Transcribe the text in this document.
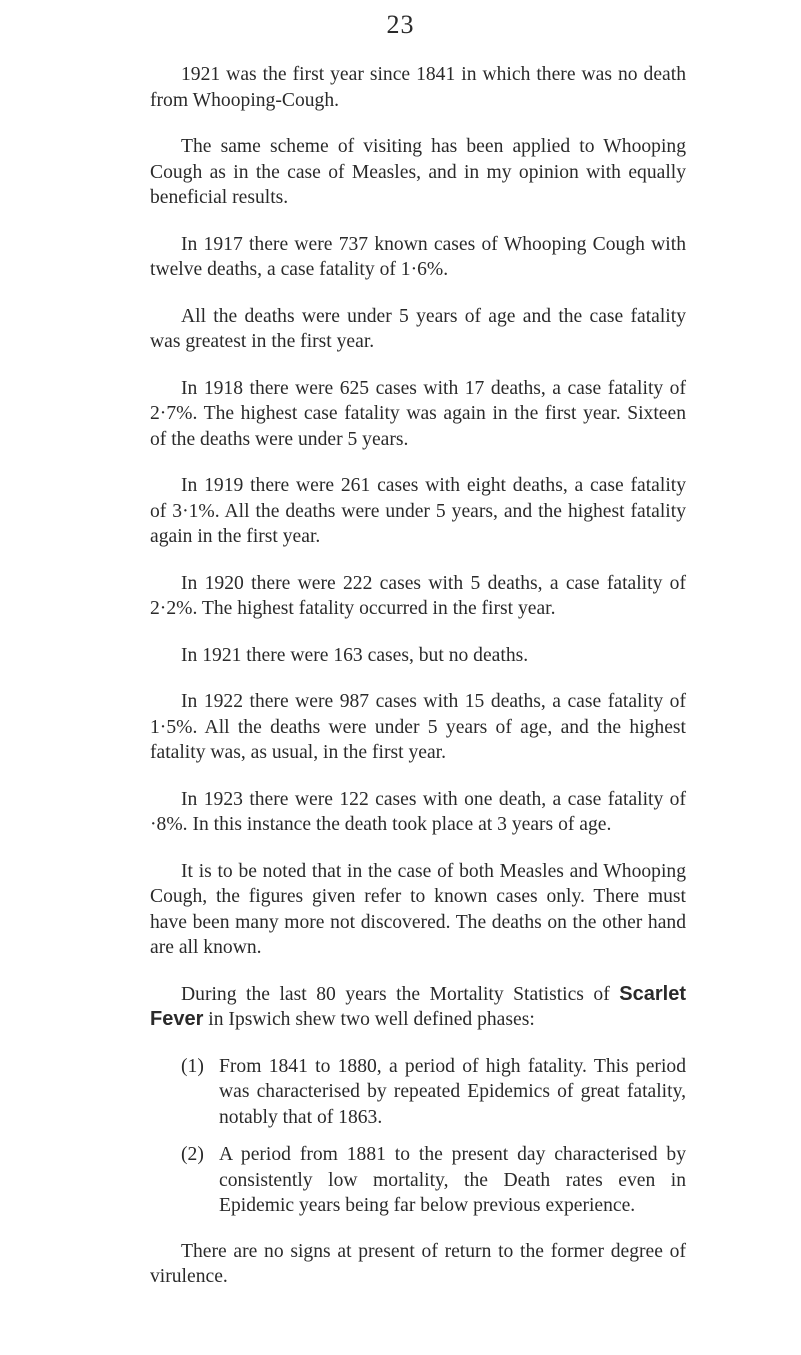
23

1921 was the first year since 1841 in which there was no death from Whooping-Cough.

The same scheme of visiting has been applied to Whooping Cough as in the case of Measles, and in my opinion with equally beneficial results.

In 1917 there were 737 known cases of Whooping Cough with twelve deaths, a case fatality of 1·6%.

All the deaths were under 5 years of age and the case fatality was greatest in the first year.

In 1918 there were 625 cases with 17 deaths, a case fatality of 2·7%. The highest case fatality was again in the first year. Sixteen of the deaths were under 5 years.

In 1919 there were 261 cases with eight deaths, a case fatality of 3·1%. All the deaths were under 5 years, and the highest fatality again in the first year.

In 1920 there were 222 cases with 5 deaths, a case fatality of 2·2%. The highest fatality occurred in the first year.

In 1921 there were 163 cases, but no deaths.

In 1922 there were 987 cases with 15 deaths, a case fatality of 1·5%. All the deaths were under 5 years of age, and the highest fatality was, as usual, in the first year.

In 1923 there were 122 cases with one death, a case fatality of ·8%. In this instance the death took place at 3 years of age.

It is to be noted that in the case of both Measles and Whooping Cough, the figures given refer to known cases only. There must have been many more not discovered. The deaths on the other hand are all known.

During the last 80 years the Mortality Statistics of Scarlet Fever in Ipswich shew two well defined phases:

(1) From 1841 to 1880, a period of high fatality. This period was characterised by repeated Epidemics of great fatality, notably that of 1863.
(2) A period from 1881 to the present day characterised by consistently low mortality, the Death rates even in Epidemic years being far below previous experience.

There are no signs at present of return to the former degree of virulence.
